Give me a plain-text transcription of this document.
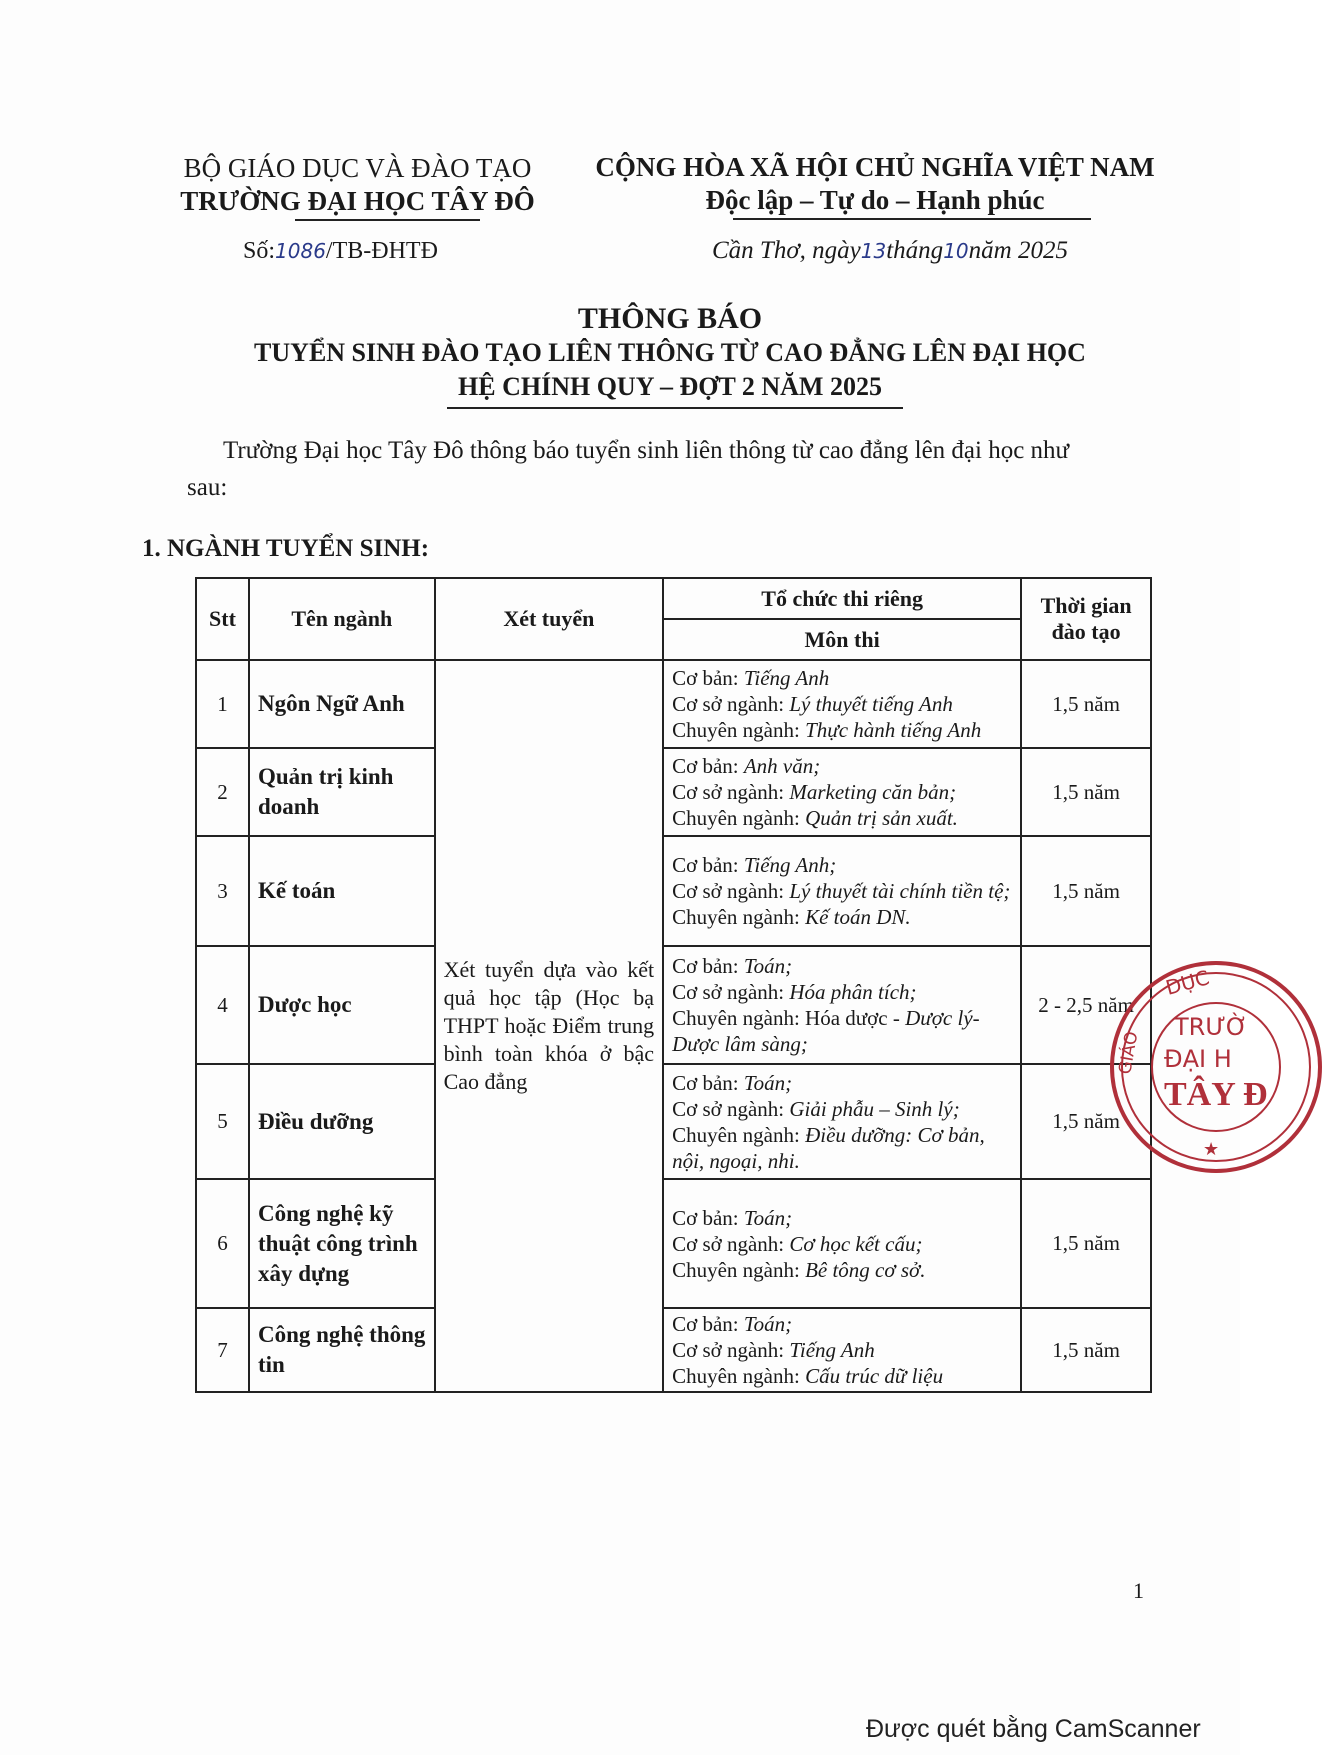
BỘ GIÁO DỤC VÀ ĐÀO TẠO
TRƯỜNG ĐẠI HỌC TÂY ĐÔ
Số:1086/TB-ĐHTĐ
CỘNG HÒA XÃ HỘI CHỦ NGHĨA VIỆT NAM
Độc lập – Tự do – Hạnh phúc
Cần Thơ, ngày13tháng10năm 2025
THÔNG BÁO
TUYỂN SINH ĐÀO TẠO LIÊN THÔNG TỪ CAO ĐẲNG LÊN ĐẠI HỌC
HỆ CHÍNH QUY – ĐỢT 2 NĂM 2025
Trường Đại học Tây Đô thông báo tuyển sinh liên thông từ cao đẳng lên đại học như
sau:
1. NGÀNH TUYỂN SINH:
Stt	Tên ngành	Xét tuyển	Tổ chức thi riêng	Thời gian đào tạo
			Môn thi	
1	Ngôn Ngữ Anh	Xét tuyển dựa vào kết quả học tập (Học bạ THPT hoặc Điểm trung bình toàn khóa ở bậc Cao đẳng	Cơ bản: Tiếng Anh
Cơ sở ngành: Lý thuyết tiếng Anh
Chuyên ngành: Thực hành tiếng Anh	1,5 năm
2	Quản trị kinh doanh		Cơ bản: Anh văn;
Cơ sở ngành: Marketing căn bản;
Chuyên ngành: Quản trị sản xuất.	1,5 năm
3	Kế toán		Cơ bản: Tiếng Anh;
Cơ sở ngành: Lý thuyết tài chính tiền tệ;
Chuyên ngành: Kế toán DN.	1,5 năm
4	Dược học		Cơ bản: Toán;
Cơ sở ngành: Hóa phân tích;
Chuyên ngành: Hóa dược - Dược lý-Dược lâm sàng;	2 - 2,5 năm
5	Điều dưỡng		Cơ bản: Toán;
Cơ sở ngành: Giải phẫu – Sinh lý;
Chuyên ngành: Điều dưỡng: Cơ bản, nội, ngoại, nhi.	1,5 năm
6	Công nghệ kỹ thuật công trình xây dựng		Cơ bản: Toán;
Cơ sở ngành: Cơ học kết cấu;
Chuyên ngành: Bê tông cơ sở.	1,5 năm
7	Công nghệ thông tin		Cơ bản: Toán;
Cơ sở ngành: Tiếng Anh
Chuyên ngành: Cấu trúc dữ liệu	1,5 năm
DỤC
GIÁO
TRƯỜ
ĐẠI H
TÂY Đ
★
1
Được quét bằng CamScanner
